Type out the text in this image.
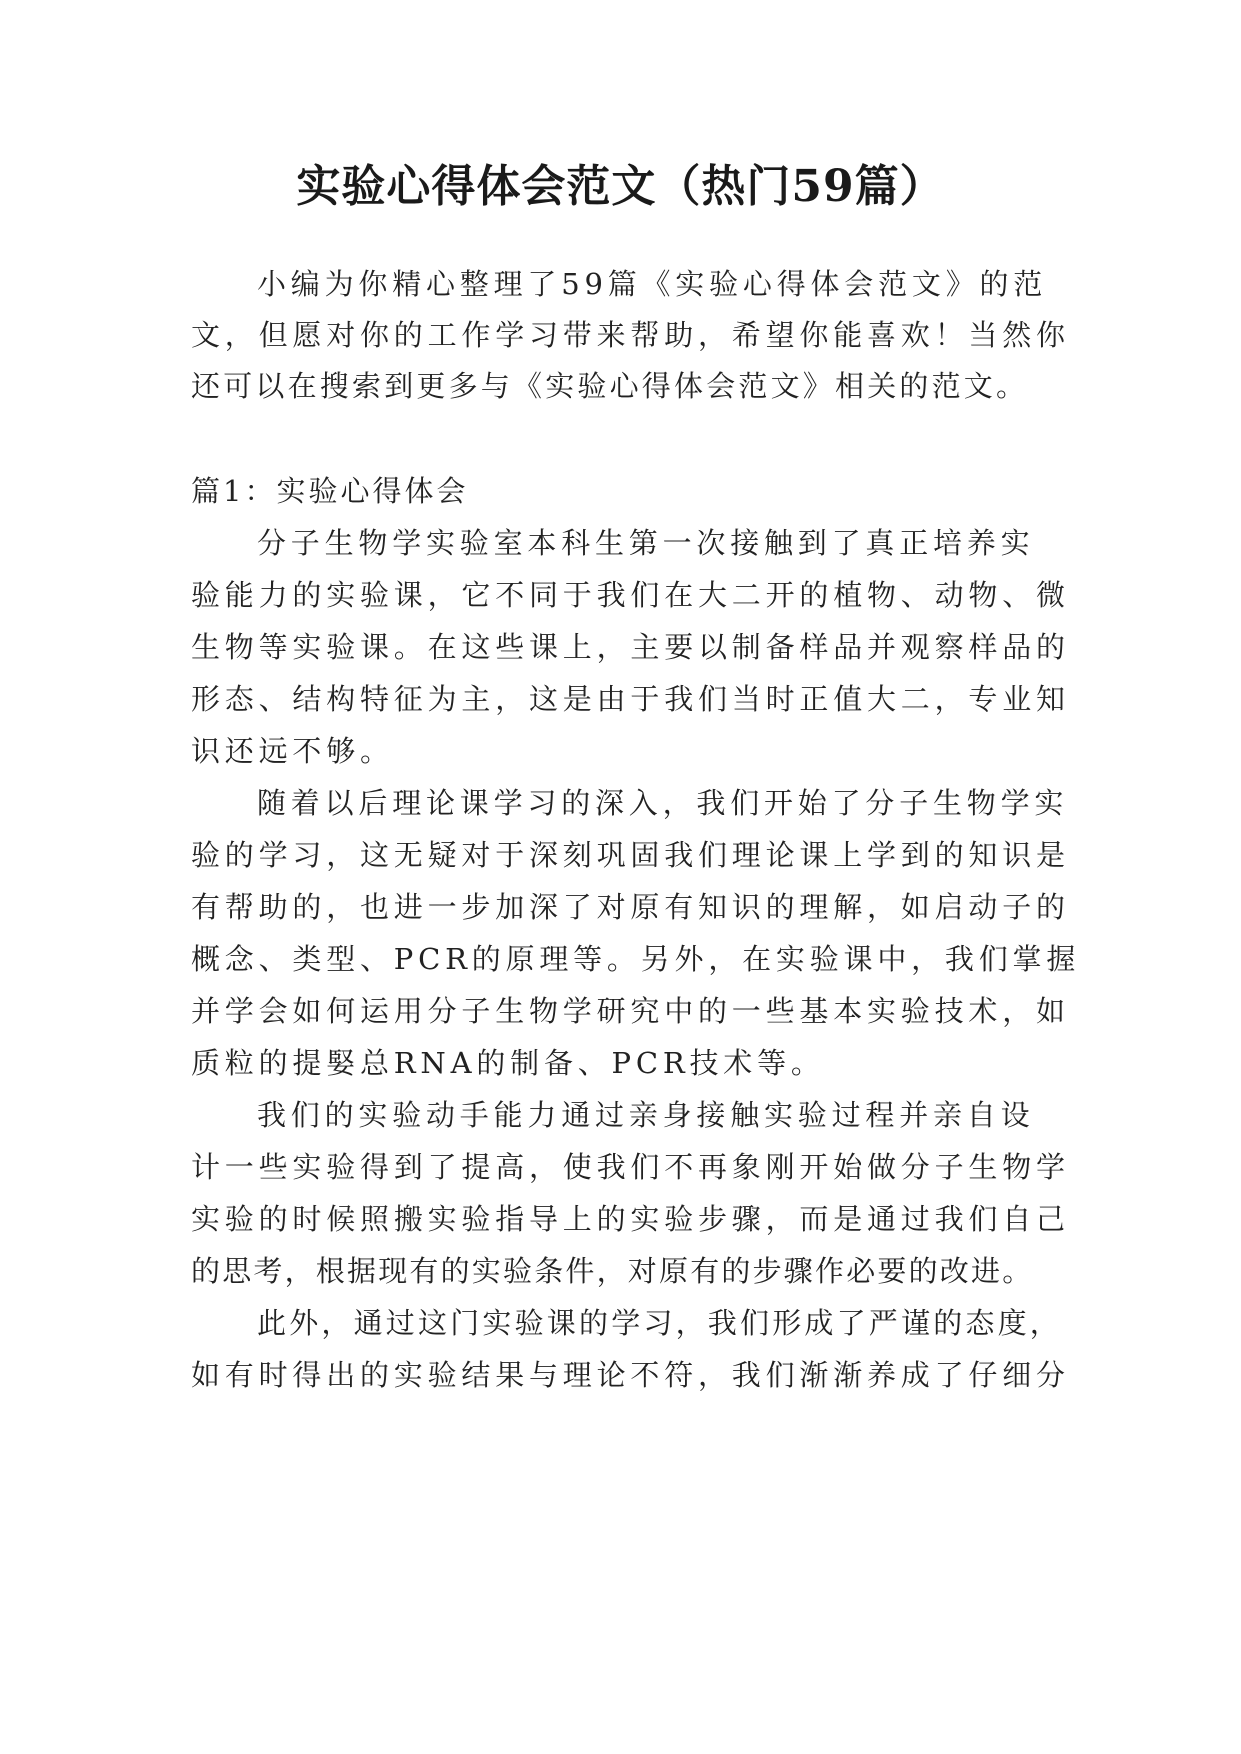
实验心得体会范文（热门59篇）
小编为你精心整理了59篇《实验心得体会范文》的范
文，但愿对你的工作学习带来帮助，希望你能喜欢！当然你
还可以在搜索到更多与《实验心得体会范文》相关的范文。
篇1：实验心得体会
分子生物学实验室本科生第一次接触到了真正培养实
验能力的实验课，它不同于我们在大二开的植物、动物、微
生物等实验课。在这些课上，主要以制备样品并观察样品的
形态、结构特征为主，这是由于我们当时正值大二，专业知
识还远不够。
随着以后理论课学习的深入，我们开始了分子生物学实
验的学习，这无疑对于深刻巩固我们理论课上学到的知识是
有帮助的，也进一步加深了对原有知识的理解，如启动子的
概念、类型、PCR的原理等。另外，在实验课中，我们掌握
并学会如何运用分子生物学研究中的一些基本实验技术，如
质粒的提婜总RNA的制备、PCR技术等。
我们的实验动手能力通过亲身接触实验过程并亲自设
计一些实验得到了提高，使我们不再象刚开始做分子生物学
实验的时候照搬实验指导上的实验步骤，而是通过我们自己
的思考，根据现有的实验条件，对原有的步骤作必要的改进。
此外，通过这门实验课的学习，我们形成了严谨的态度，
如有时得出的实验结果与理论不符，我们渐渐养成了仔细分
